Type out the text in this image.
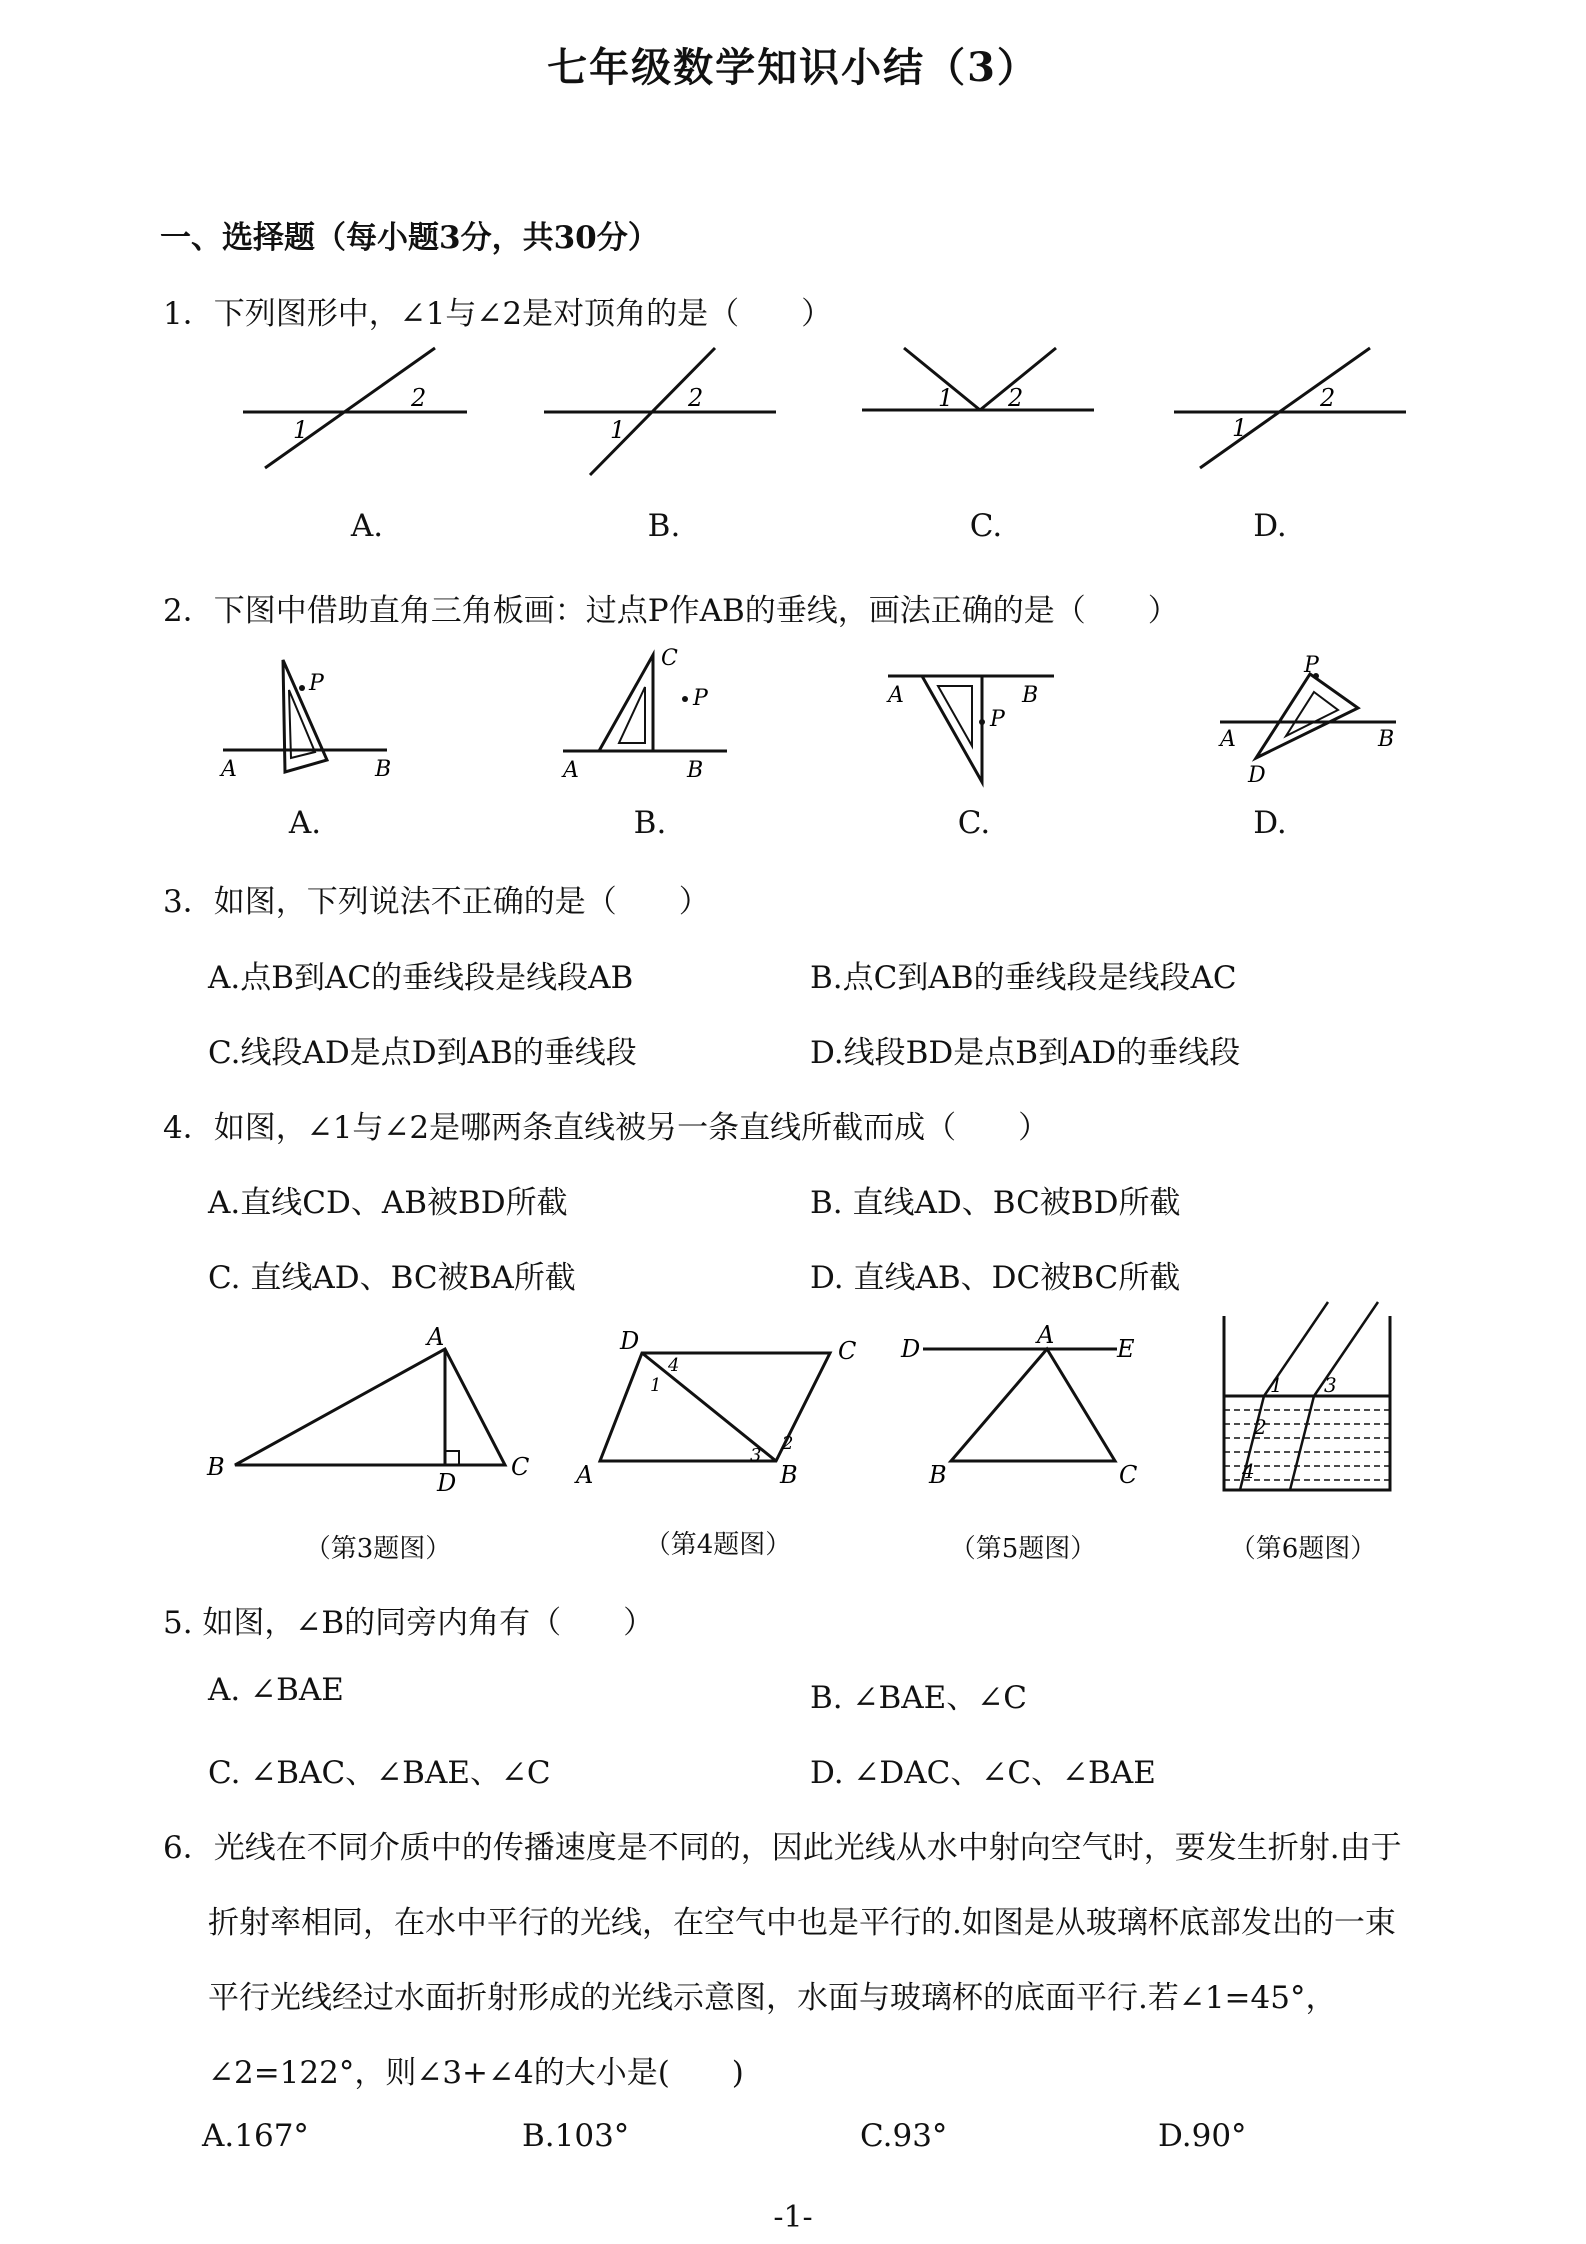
七年级数学知识小结（3）
一、选择题（每小题3分，共30分）
1．下列图形中，∠1与∠2是对顶角的是（　　）
1
2
1
2	1 2
1
2
A.	B.	C.	D.
2．下图中借助直角三角板画：过点P作AB的垂线，画法正确的是（　　）
P
A	B
C
P
A	B
P
A	B
P
A	B
D
A.	B.	C.	D.
3．如图，下列说法不正确的是（　　）
A.点B到AC的垂线段是线段AB	B.点C到AB的垂线段是线段AC
C.线段AD是点D到AB的垂线段	D.线段BD是点B到AD的垂线段
4．如图，∠1与∠2是哪两条直线被另一条直线所截而成（　　）
A.直线CD、AB被BD所截	B. 直线AD、BC被BD所截
C. 直线AD、BC被BA所截	D. 直线AB、DC被BC所截
A
B	C
D
D	C
A	B
1
4
2
3
D	A	E
B	C
1
2
3
4
（第3题图）	（第4题图）	（第5题图）	（第6题图）
5. 如图，∠B的同旁内角有（　　）
A. ∠BAE	B. ∠BAE、∠C
C. ∠BAC、∠BAE、∠C	D. ∠DAC、∠C、∠BAE
6．光线在不同介质中的传播速度是不同的，因此光线从水中射向空气时，要发生折射.由于
折射率相同，在水中平行的光线，在空气中也是平行的.如图是从玻璃杯底部发出的一束
平行光线经过水面折射形成的光线示意图，水面与玻璃杯的底面平行.若∠1=45°，
∠2=122°，则∠3+∠4的大小是(　　)
A.167°	B.103°	C.93°	D.90°
-1-
